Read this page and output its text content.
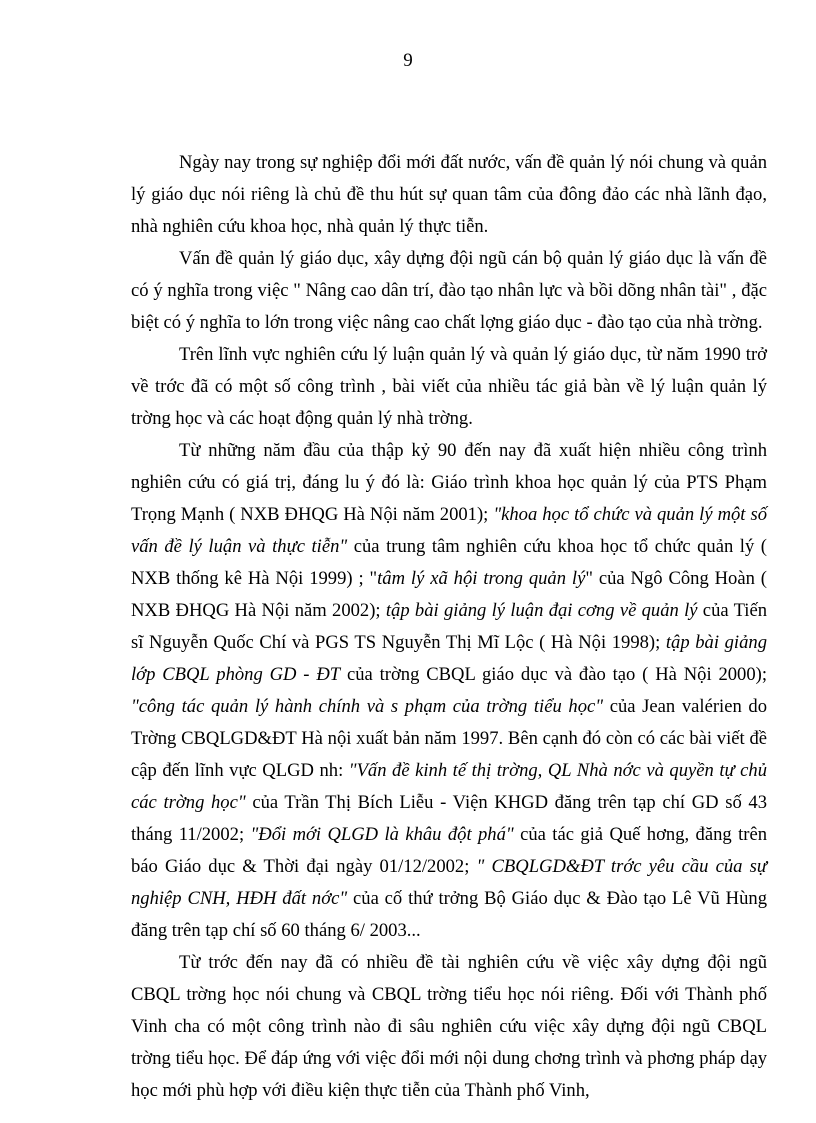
9

Ngày nay trong sự nghiệp đổi mới đất nước, vấn đề quản lý nói chung và quản lý giáo dục nói riêng là chủ đề thu hút sự quan tâm của đông đảo các nhà lãnh đạo, nhà nghiên cứu khoa học, nhà quản lý thực tiễn.

Vấn đề quản lý giáo dục, xây dựng đội ngũ cán bộ quản lý giáo dục là vấn đề có ý nghĩa trong việc " Nâng cao dân trí, đào tạo nhân lực và bồi dõng nhân tài" , đặc biệt có ý nghĩa to lớn trong việc nâng cao chất lợng giáo dục - đào tạo của nhà trờng.

Trên lĩnh vực nghiên cứu lý luận quản lý và quản lý giáo dục, từ năm 1990 trở về trớc đã có một số công trình , bài viết của nhiều tác giả bàn về lý luận quản lý trờng học và các hoạt động quản lý nhà trờng.

Từ những năm đầu của thập kỷ 90 đến nay đã xuất hiện nhiều công trình nghiên cứu có giá trị, đáng lu ý đó là: Giáo trình khoa học quản lý của PTS Phạm Trọng Mạnh ( NXB ĐHQG Hà Nội năm 2001); "khoa học tổ chức và quản lý một số vấn đề lý luận và thực tiễn" của trung tâm nghiên cứu khoa học tổ chức quản lý ( NXB thống kê Hà Nội 1999) ; "tâm lý xã hội trong quản lý" của Ngô Công Hoàn ( NXB ĐHQG Hà Nội năm 2002); tập bài giảng lý luận đại cơng về quản lý của Tiến sĩ Nguyễn Quốc Chí và PGS TS Nguyễn Thị Mĩ Lộc ( Hà Nội 1998); tập bài giảng lớp CBQL phòng GD - ĐT của trờng CBQL giáo dục và đào tạo ( Hà Nội 2000); "công tác quản lý hành chính và s phạm của trờng tiểu học" của Jean valérien do Trờng CBQLGD&ĐT Hà nội xuất bản năm 1997. Bên cạnh đó còn có các bài viết đề cập đến lĩnh vực QLGD nh: "Vấn đề kinh tế thị trờng, QL Nhà nớc và quyền tự chủ các trờng học" của Trần Thị Bích Liễu - Viện KHGD đăng trên tạp chí GD số 43 tháng 11/2002; "Đổi mới QLGD là khâu đột phá" của tác giả Quế hơng, đăng trên báo Giáo dục & Thời đại ngày 01/12/2002; " CBQLGD&ĐT trớc yêu cầu của sự nghiệp CNH, HĐH đất nớc" của cố thứ trởng Bộ Giáo dục & Đào tạo Lê Vũ Hùng đăng trên tạp chí số 60 tháng 6/ 2003...

Từ trớc đến nay đã có nhiều đề tài nghiên cứu về việc xây dựng đội ngũ CBQL trờng học nói chung và CBQL trờng tiểu học nói riêng. Đối với Thành phố Vinh cha có một công trình nào đi sâu nghiên cứu việc xây dựng đội ngũ CBQL trờng tiểu học. Để đáp ứng với việc đổi mới nội dung chơng trình và phơng pháp dạy học mới phù hợp với điều kiện thực tiễn của Thành phố Vinh,
